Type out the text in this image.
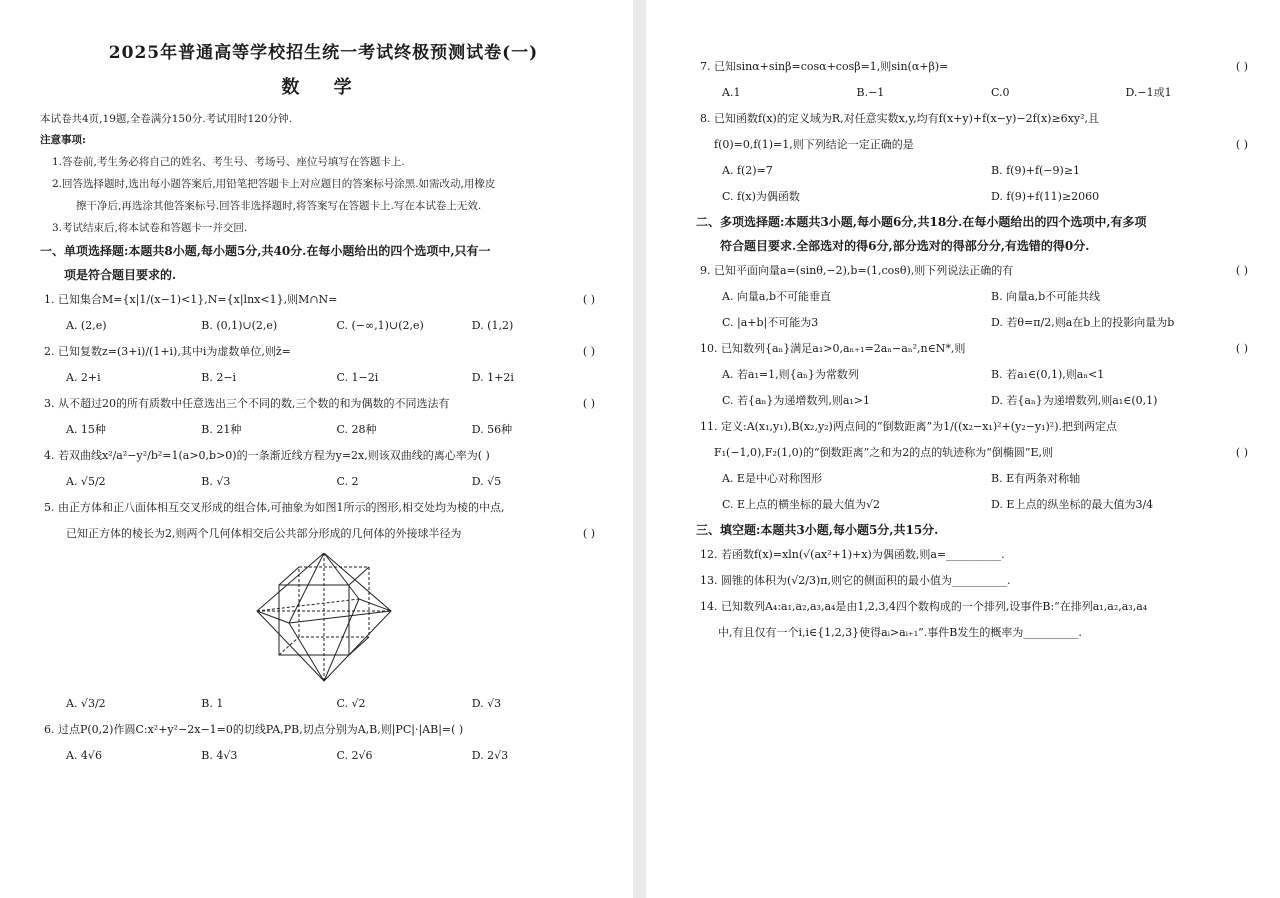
2025年普通高等学校招生统一考试终极预测试卷(一)
数 学
本试卷共4页,19题,全卷满分150分.考试用时120分钟.
注意事项:
1.答卷前,考生务必将自己的姓名、考生号、考场号、座位号填写在答题卡上.
2.回答选择题时,选出每小题答案后,用铅笔把答题卡上对应题目的答案标号涂黑.如需改动,用橡皮
擦干净后,再选涂其他答案标号.回答非选择题时,将答案写在答题卡上.写在本试卷上无效.
3.考试结束后,将本试卷和答题卡一并交回.
一、单项选择题:本题共8小题,每小题5分,共40分.在每小题给出的四个选项中,只有一
项是符合题目要求的.
1. 已知集合M={x|1/(x−1)<1},N={x|lnx<1},则M∩N=	( )
A. (2,e)	B. (0,1)∪(2,e)	C. (−∞,1)∪(2,e)	D. (1,2)
2. 已知复数z=(3+i)/(1+i),其中i为虚数单位,则z̄=	( )
A. 2+i	B. 2−i	C. 1−2i	D. 1+2i
3. 从不超过20的所有质数中任意选出三个不同的数,三个数的和为偶数的不同选法有	( )
A. 15种	B. 21种	C. 28种	D. 56种
4. 若双曲线x²/a²−y²/b²=1(a>0,b>0)的一条渐近线方程为y=2x,则该双曲线的离心率为( )
A. √5/2	B. √3	C. 2	D. √5
5. 由正方体和正八面体相互交叉形成的组合体,可抽象为如图1所示的图形,相交处均为棱的中点,
已知正方体的棱长为2,则两个几何体相交后公共部分形成的几何体的外接球半径为	( )
A. √3/2	B. 1	C. √2	D. √3
6. 过点P(0,2)作圆C:x²+y²−2x−1=0的切线PA,PB,切点分别为A,B,则|PC|·|AB|=( )
A. 4√6	B. 4√3	C. 2√6	D. 2√3
7. 已知sinα+sinβ=cosα+cosβ=1,则sin(α+β)=	( )
A.1	B.−1	C.0	D.−1或1
8. 已知函数f(x)的定义域为R,对任意实数x,y,均有f(x+y)+f(x−y)−2f(x)≥6xy²,且
f(0)=0,f(1)=1,则下列结论一定正确的是	( )
A. f(2)=7	B. f(9)+f(−9)≥1
C. f(x)为偶函数	D. f(9)+f(11)≥2060
二、多项选择题:本题共3小题,每小题6分,共18分.在每小题给出的四个选项中,有多项
符合题目要求.全部选对的得6分,部分选对的得部分分,有选错的得0分.
9. 已知平面向量a=(sinθ,−2),b=(1,cosθ),则下列说法正确的有	( )
A. 向量a,b不可能垂直	B. 向量a,b不可能共线
C. |a+b|不可能为3	D. 若θ=π/2,则a在b上的投影向量为b
10. 已知数列{aₙ}满足a₁>0,aₙ₊₁=2aₙ−aₙ²,n∈N*,则	( )
A. 若a₁=1,则{aₙ}为常数列	B. 若a₁∈(0,1),则aₙ<1
C. 若{aₙ}为递增数列,则a₁>1	D. 若{aₙ}为递增数列,则a₁∈(0,1)
11. 定义:A(x₁,y₁),B(x₂,y₂)两点间的“倒数距离”为1/((x₂−x₁)²+(y₂−y₁)²).把到两定点
F₁(−1,0),F₂(1,0)的“倒数距离”之和为2的点的轨迹称为“倒椭圆”E,则	( )
A. E是中心对称图形	B. E有两条对称轴
C. E上点的横坐标的最大值为√2	D. E上点的纵坐标的最大值为3/4
三、填空题:本题共3小题,每小题5分,共15分.
12. 若函数f(x)=xln(√(ax²+1)+x)为偶函数,则a=__________.
13. 圆锥的体积为(√2/3)π,则它的侧面积的最小值为__________.
14. 已知数列A₄:a₁,a₂,a₃,a₄是由1,2,3,4四个数构成的一个排列,设事件B:“在排列a₁,a₂,a₃,a₄
中,有且仅有一个i,i∈{1,2,3}使得aᵢ>aᵢ₊₁”.事件B发生的概率为__________.
